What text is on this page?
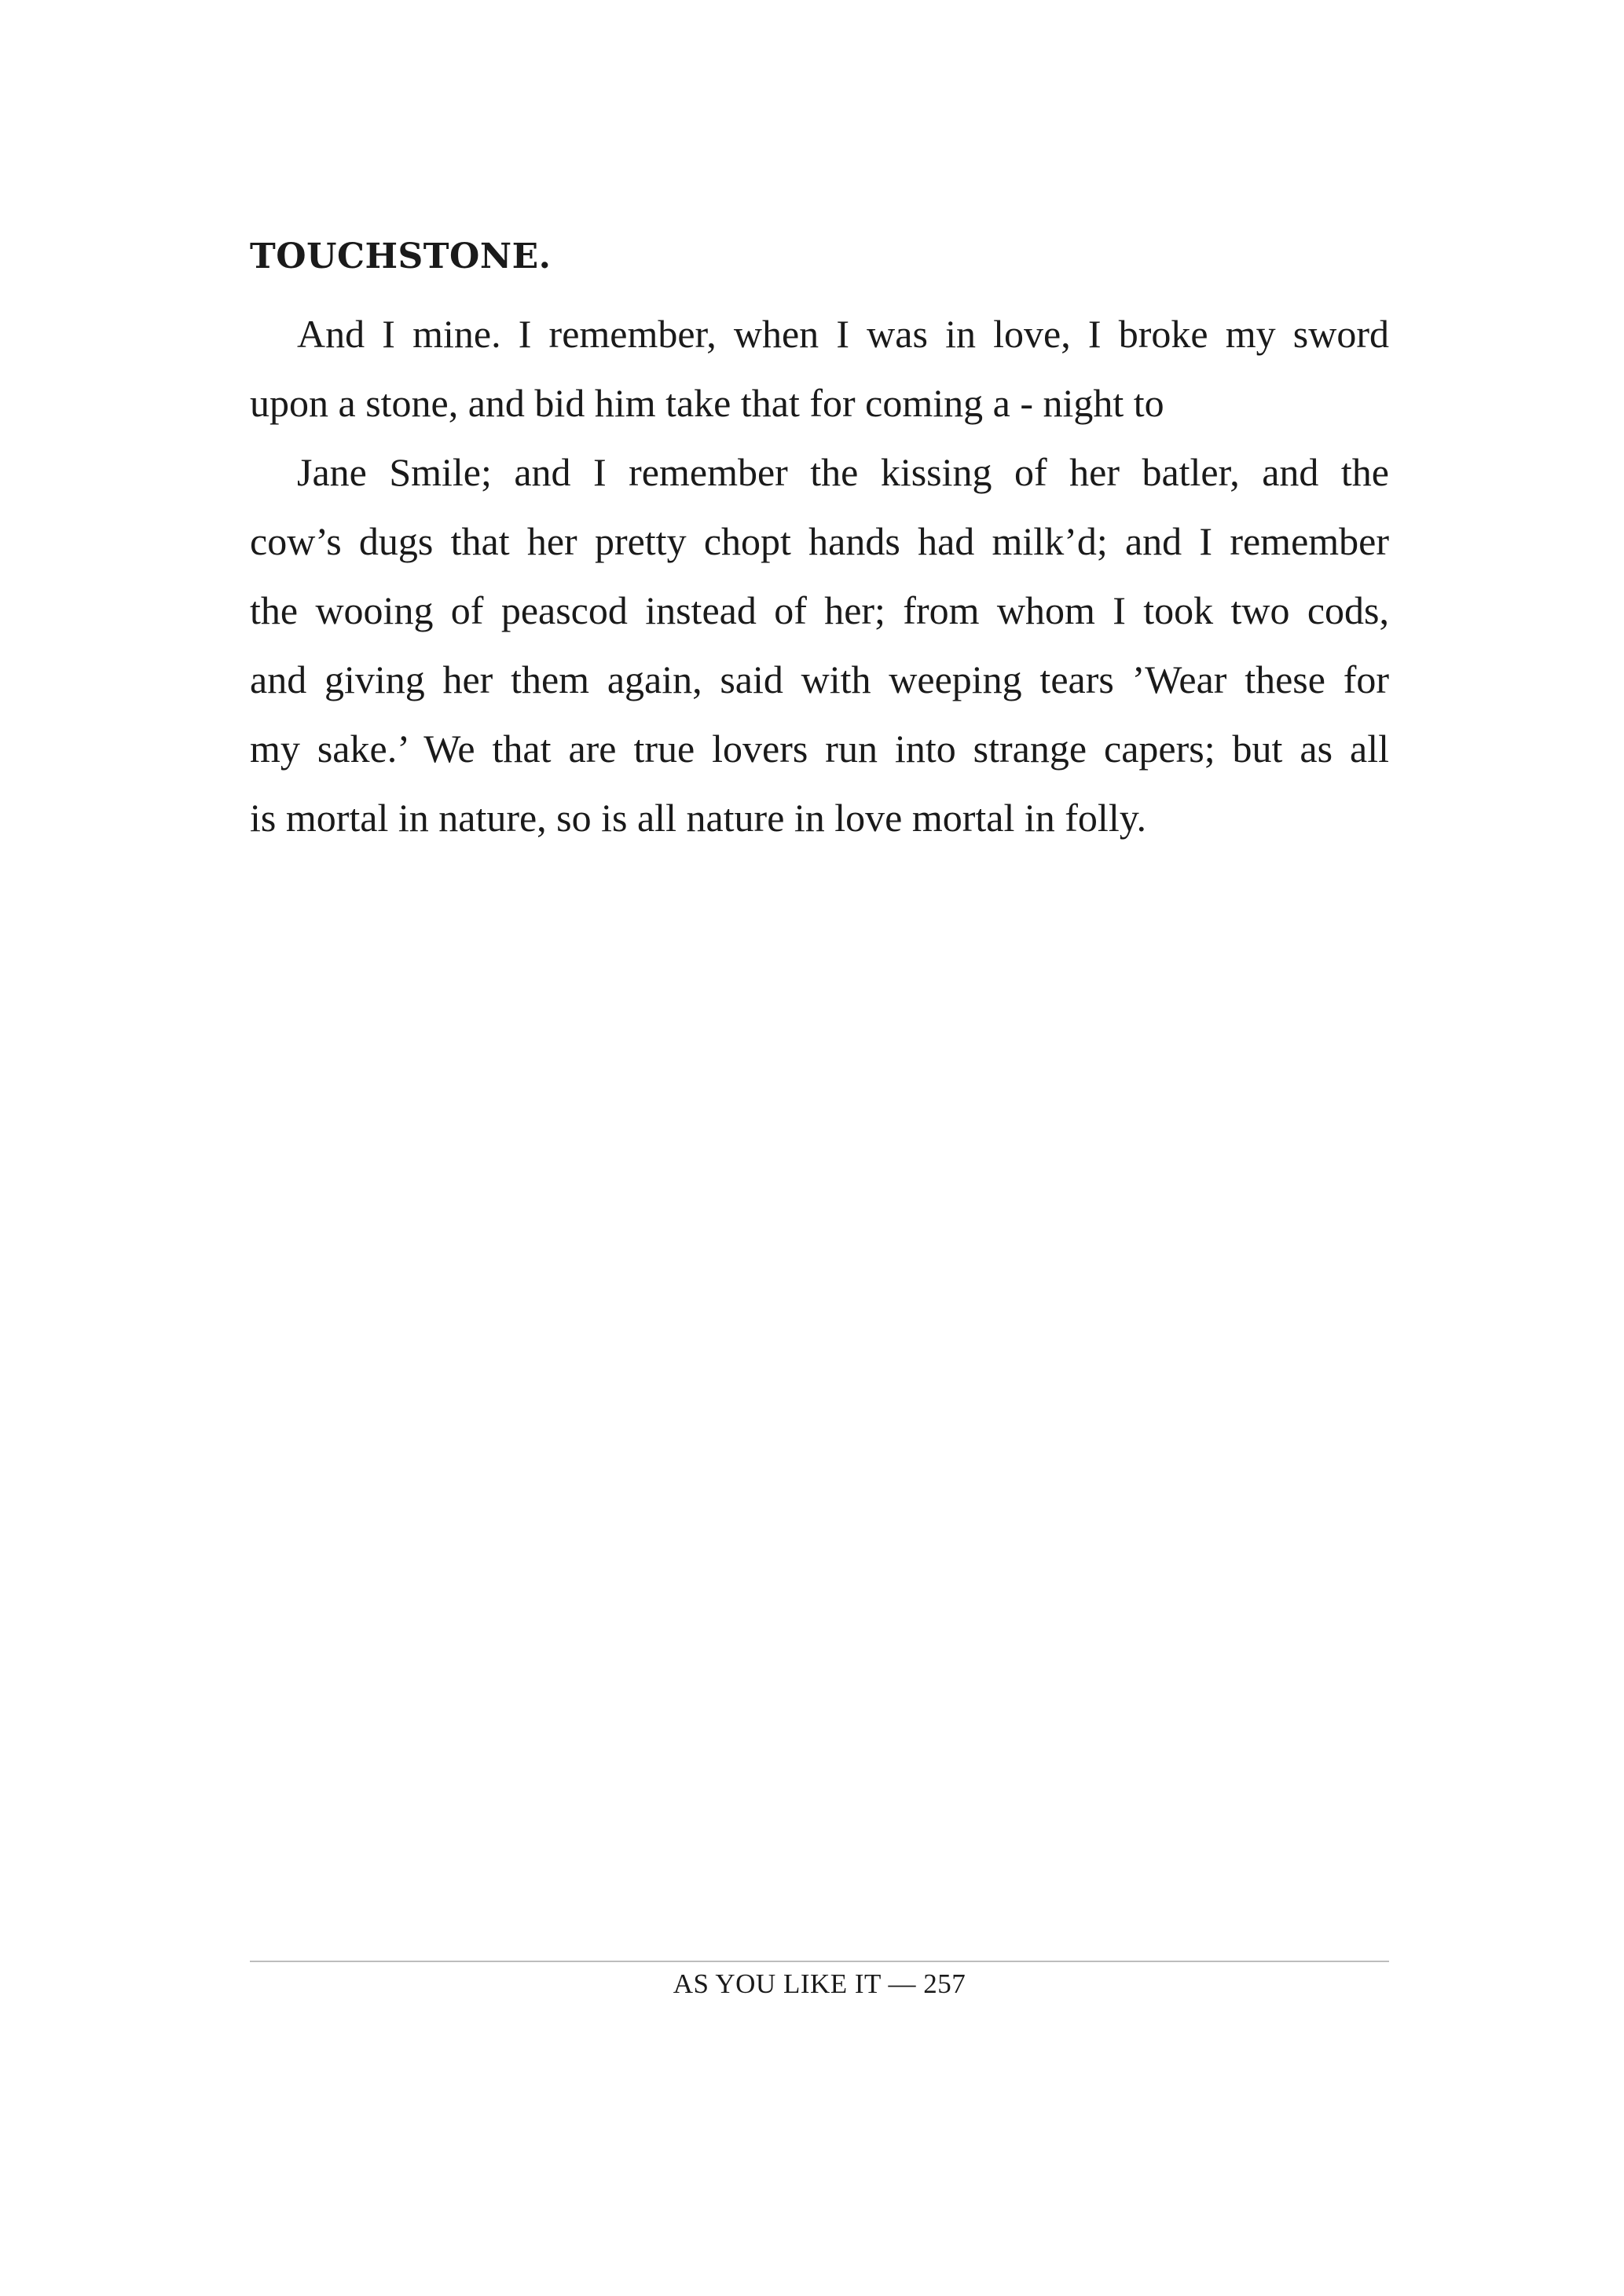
TOUCHSTONE.
And I mine. I remember, when I was in love, I broke my sword
upon a stone, and bid him take that for coming a - night to
Jane Smile; and I remember the kissing of her batler, and the
cow’s dugs that her pretty chopt hands had milk’d; and I remember
the wooing of peascod instead of her; from whom I took two cods,
and giving her them again, said with weeping tears ’Wear these for
my sake.’ We that are true lovers run into strange capers; but as all
is mortal in nature, so is all nature in love mortal in folly.
AS YOU LIKE IT — 257
